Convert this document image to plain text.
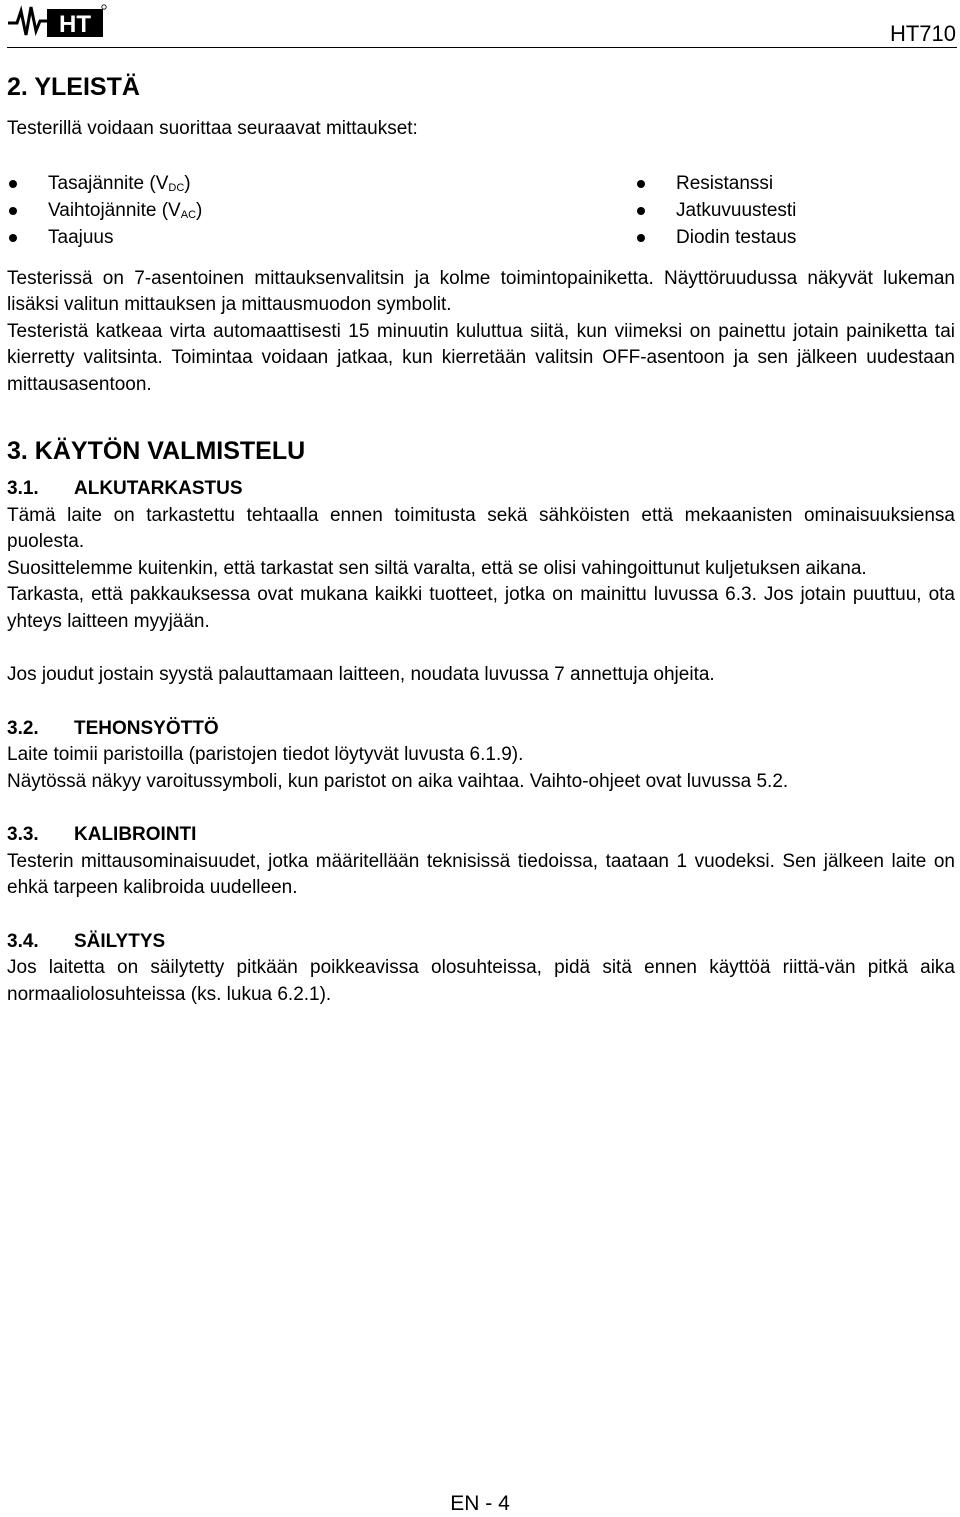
HT	HT710
2. YLEISTÄ

Testerillä voidaan suorittaa seuraavat mittaukset:

Tasajännite $(V_{DC})$
Vaihtojännite $(V_{AC})$
Taajuus
Resistanssi
Jatkuvuustesti
Diodin testaus

Testerissä on 7-asentoinen mittauksenvalitsin ja kolme toimintopainiketta. Näyttöruudussa näkyvät lukeman lisäksi valitun mittauksen ja mittausmuodon symbolit.

Testeristä katkeaa virta automaattisesti 15 minuutin kuluttua siitä, kun viimeksi on painettu jotain painiketta tai kierretty valitsinta. Toimintaa voidaan jatkaa, kun kierretään valitsin OFF-asentoon ja sen jälkeen uudestaan mittausasentoon.

3. KÄYTÖN VALMISTELU
3.1. ALKUTARKASTUS

Tämä laite on tarkastettu tehtaalla ennen toimitusta sekä sähköisten että mekaanisten ominaisuuksiensa puolesta.

Suosittelemme kuitenkin, että tarkastat sen siltä varalta, että se olisi vahingoittunut kuljetuksen aikana.

Tarkasta, että pakkauksessa ovat mukana kaikki tuotteet, jotka on mainittu luvussa 6.3. Jos jotain puuttuu, ota yhteys laitteen myyjään.

Jos joudut jostain syystä palauttamaan laitteen, noudata luvussa 7 annettuja ohjeita.

3.2. TEHONSYÖTTÖ

Laite toimii paristoilla (paristojen tiedot löytyvät luvusta 6.1.9).

Näytössä näkyy varoitussymboli, kun paristot on aika vaihtaa. Vaihto-ohjeet ovat luvussa 5.2.

3.3. KALIBROINTI

Testerin mittausominaisuudet, jotka määritellään teknisissä tiedoissa, taataan 1 vuodeksi. Sen jälkeen laite on ehkä tarpeen kalibroida uudelleen.

3.4. SÄILYTYS

Jos laitetta on säilytetty pitkään poikkeavissa olosuhteissa, pidä sitä ennen käyttöä riittä-vän pitkä aika normaaliolosuhteissa (ks. lukua 6.2.1).

EN - 4
